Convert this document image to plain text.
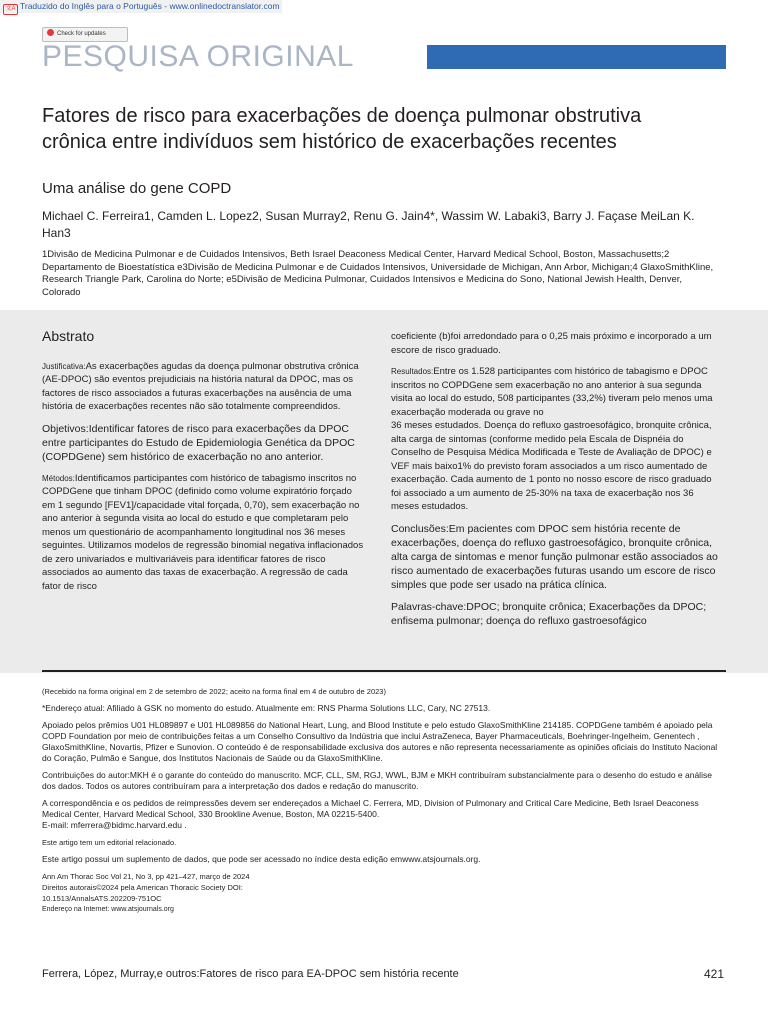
文A Traduzido do Inglês para o Português - www.onlinedoctranslator.com
Check for updates
PESQUISA ORIGINAL
Fatores de risco para exacerbações de doença pulmonar obstrutiva crônica entre indivíduos sem histórico de exacerbações recentes

Uma análise do gene COPD

Michael C. Ferreira1, Camden L. Lopez2, Susan Murray2, Renu G. Jain4*, Wassim W. Labaki3, Barry J. Façase MeiLan K. Han3

1Divisão de Medicina Pulmonar e de Cuidados Intensivos, Beth Israel Deaconess Medical Center, Harvard Medical School, Boston, Massachusetts;2 Departamento de Bioestatística e3Divisão de Medicina Pulmonar e de Cuidados Intensivos, Universidade de Michigan, Ann Arbor, Michigan;4 GlaxoSmithKline, Research Triangle Park, Carolina do Norte; e5Divisão de Medicina Pulmonar, Cuidados Intensivos e Medicina do Sono, National Jewish Health, Denver, Colorado

Abstrato

Justificativa:As exacerbações agudas da doença pulmonar obstrutiva crônica (AE-DPOC) são eventos prejudiciais na história natural da DPOC, mas os factores de risco associados a futuras exacerbações na ausência de uma história de exacerbações recentes não são totalmente compreendidos.

Objetivos:Identificar fatores de risco para exacerbações da DPOC entre participantes do Estudo de Epidemiologia Genética da DPOC (COPDGene) sem histórico de exacerbação no ano anterior.

Métodos:Identificamos participantes com histórico de tabagismo inscritos no COPDGene que tinham DPOC (definido como volume expiratório forçado em 1 segundo [FEV1]/capacidade vital forçada, 0,70), sem exacerbação no ano anterior à segunda visita ao local do estudo e que completaram pelo menos um questionário de acompanhamento longitudinal nos 36 meses seguintes. Utilizamos modelos de regressão binomial negativa inflacionados de zero univariados e multivariáveis para identificar fatores de risco associados ao aumento das taxas de exacerbação. A regressão de cada fator de risco

coeficiente (b)foi arredondado para o 0,25 mais próximo e incorporado a um escore de risco graduado.

Resultados:Entre os 1.528 participantes com histórico de tabagismo e DPOC inscritos no COPDGene sem exacerbação no ano anterior à sua segunda visita ao local do estudo, 508 participantes (33,2%) tiveram pelo menos uma exacerbação moderada ou grave no
36 meses estudados. Doença do refluxo gastroesofágico, bronquite crônica, alta carga de sintomas (conforme medido pela Escala de Dispnéia do Conselho de Pesquisa Médica Modificada e Teste de Avaliação de DPOC) e VEF mais baixo1% do previsto foram associados a um risco aumentado de exacerbação. Cada aumento de 1 ponto no nosso escore de risco graduado foi associado a um aumento de 25-30% na taxa de exacerbação nos 36 meses estudados.

Conclusões:Em pacientes com DPOC sem história recente de exacerbações, doença do refluxo gastroesofágico, bronquite crônica, alta carga de sintomas e menor função pulmonar estão associados ao risco aumentado de exacerbações futuras usando um escore de risco simples que pode ser usado na prática clínica.

Palavras-chave:DPOC; bronquite crônica; Exacerbações da DPOC; enfisema pulmonar; doença do refluxo gastroesofágico

(Recebido na forma original em 2 de setembro de 2022; aceito na forma final em 4 de outubro de 2023)

*Endereço atual: Afiliado à GSK no momento do estudo. Atualmente em: RNS Pharma Solutions LLC, Cary, NC 27513.

Apoiado pelos prêmios U01 HL089897 e U01 HL089856 do National Heart, Lung, and Blood Institute e pelo estudo GlaxoSmithKline 214185. COPDGene também é apoiado pela COPD Foundation por meio de contribuições feitas a um Conselho Consultivo da Indústria que inclui AstraZeneca, Bayer Pharmaceuticals, Boehringer-Ingelheim, Genentech , GlaxoSmithKline, Novartis, Pfizer e Sunovion. O conteúdo é de responsabilidade exclusiva dos autores e não representa necessariamente as opiniões oficiais do Instituto Nacional do Coração, Pulmão e Sangue, dos Institutos Nacionais de Saúde ou da GlaxoSmithKline.

Contribuições do autor:MKH é o garante do conteúdo do manuscrito. MCF, CLL, SM, RGJ, WWL, BJM e MKH contribuíram substancialmente para o desenho do estudo e análise dos dados. Todos os autores contribuíram para a interpretação dos dados e redação do manuscrito.

A correspondência e os pedidos de reimpressões devem ser endereçados a Michael C. Ferrera, MD, Division of Pulmonary and Critical Care Medicine, Beth Israel Deaconess Medical Center, Harvard Medical School, 330 Brookline Avenue, Boston, MA 02215-5400.
E-mail: mferrera@bidmc.harvard.edu .

Este artigo tem um editorial relacionado.

Este artigo possui um suplemento de dados, que pode ser acessado no índice desta edição emwww.atsjournals.org.

Ann Am Thorac Soc Vol 21, No 3, pp 421–427, março de 2024
Direitos autorais©2024 pela American Thoracic Society DOI:
10.1513/AnnalsATS.202209-751OC

Endereço na Internet: www.atsjournals.org

Ferrera, López, Murray,e outros:Fatores de risco para EA-DPOC sem história recente	421
